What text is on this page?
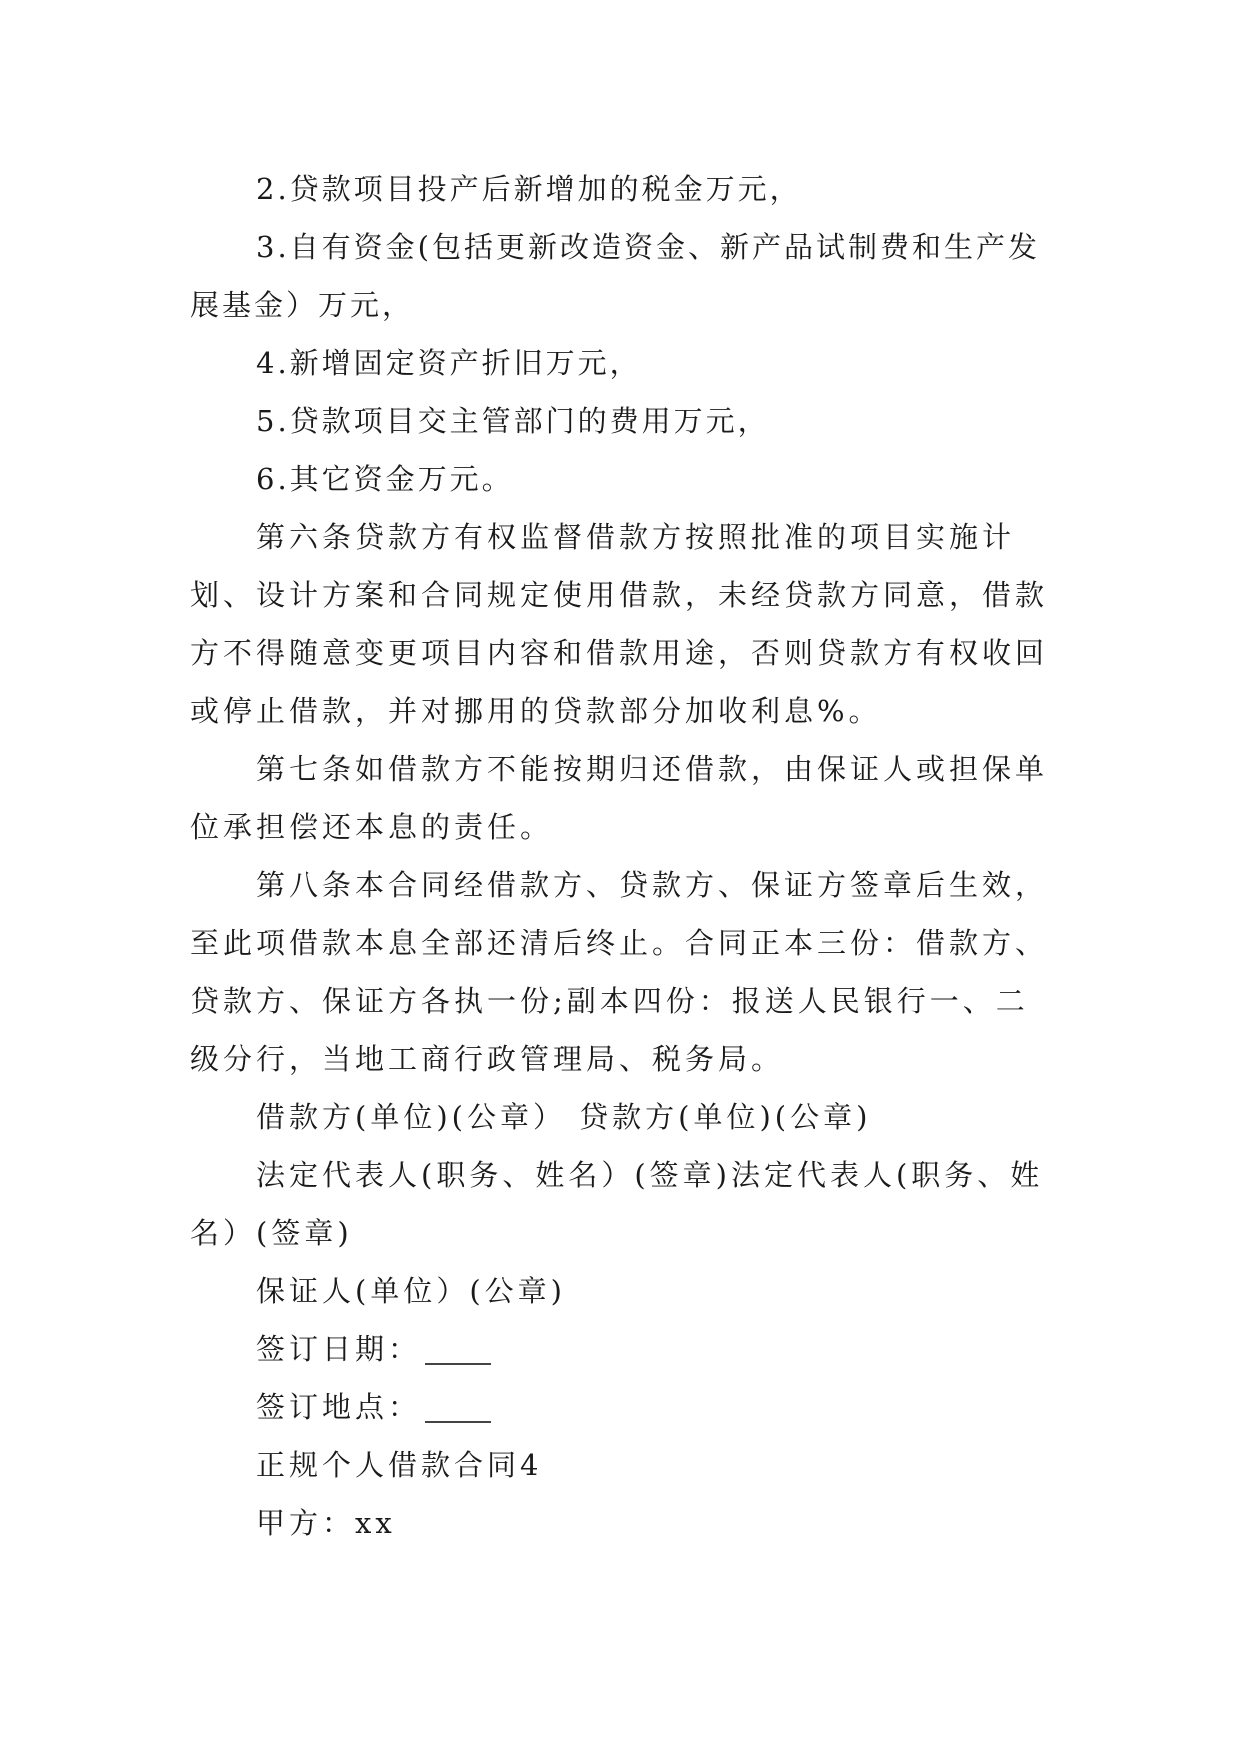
2.贷款项目投产后新增加的税金万元，

3.自有资金(包括更新改造资金、新产品试制费和生产发展基金）万元，

4.新增固定资产折旧万元，

5.贷款项目交主管部门的费用万元，

6.其它资金万元。

第六条贷款方有权监督借款方按照批准的项目实施计划、设计方案和合同规定使用借款，未经贷款方同意，借款方不得随意变更项目内容和借款用途，否则贷款方有权收回或停止借款，并对挪用的贷款部分加收利息%。

第七条如借款方不能按期归还借款，由保证人或担保单位承担偿还本息的责任。

第八条本合同经借款方、贷款方、保证方签章后生效，至此项借款本息全部还清后终止。合同正本三份：借款方、贷款方、保证方各执一份;副本四份：报送人民银行一、二级分行，当地工商行政管理局、税务局。

借款方(单位)(公章） 贷款方(单位)(公章)

法定代表人(职务、姓名）(签章)法定代表人(职务、姓名）(签章)

保证人(单位）(公章)

签订日期：

签订地点：

正规个人借款合同4

甲方：xx
